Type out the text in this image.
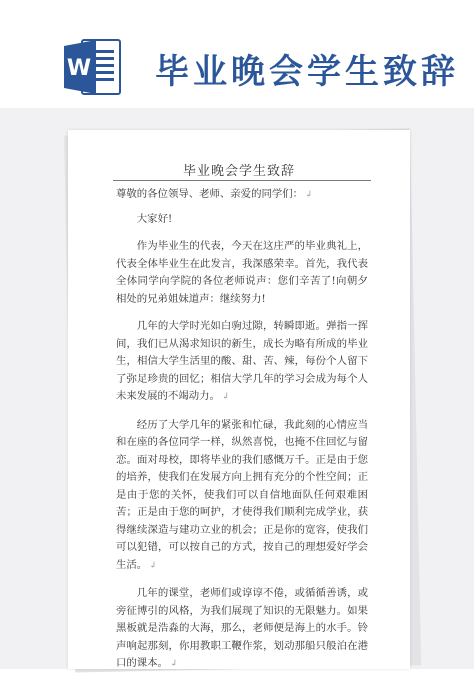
W 毕业晚会学生致辞
毕业晚会学生致辞

尊敬的各位领导、老师、亲爱的同学们： ↲

大家好!

作为毕业生的代表，今天在这庄严的毕业典礼上，代表全体毕业生在此发言，我深感荣幸。首先，我代表全体同学向学院的各位老师说声：您们辛苦了!向朝夕相处的兄弟姐妹道声：继续努力!

几年的大学时光如白驹过隙，转瞬即逝。弹指一挥间，我们已从渴求知识的新生，成长为略有所成的毕业生，相信大学生活里的酸、甜、苦、辣，每份个人留下了弥足珍贵的回忆；相信大学几年的学习会成为每个人未来发展的不竭动力。 ↲

经历了大学几年的紧张和忙碌，我此刻的心情应当和在座的各位同学一样，纵然喜悦，也掩不住回忆与留恋。面对母校，即将毕业的我们感慨万千。正是由于您的培养，使我们在发展方向上拥有充分的个性空间；正是由于您的关怀，使我们可以自信地面队任何艰难困苦；正是由于您的呵护，才使得我们顺利完成学业，获得继续深造与建功立业的机会；正是你的宽容，使我们可以犯错，可以按自己的方式，按自己的理想爱好学会生活。 ↲

几年的课堂，老师们或谆谆不倦，或循循善诱，或旁征博引的风格，为我们展现了知识的无限魅力。如果黑板就是浩淼的大海，那么，老师便是海上的水手。铃声响起那刻，你用教职工鞭作浆，划动那船只般泊在港口的课本。 ↲
